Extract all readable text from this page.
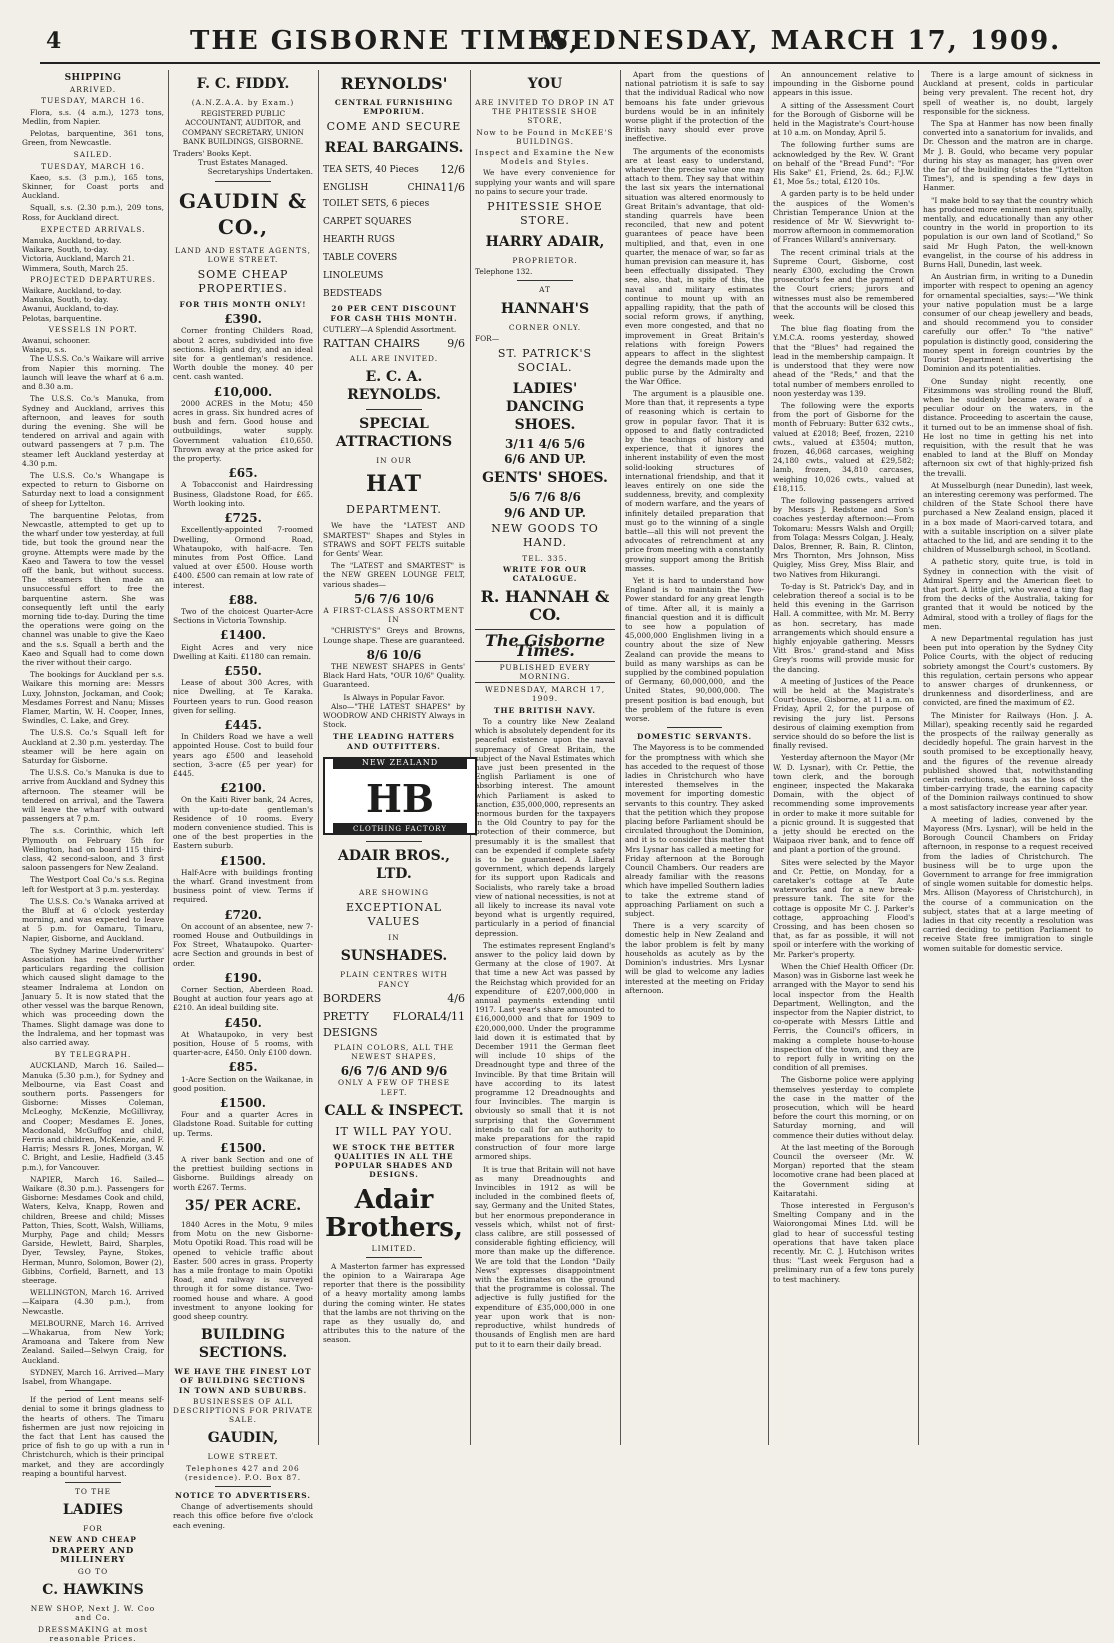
4	THE GISBORNE TIMES,
WEDNESDAY, MARCH 17, 1909.
SHIPPING
ARRIVED.
TUESDAY, MARCH 16.

Flora, s.s. (4 a.m.), 1273 tons, Medlin, from Napier.

Pelotas, barquentine, 361 tons, Green, from Newcastle.

SAILED.
TUESDAY, MARCH 16.

Kaeo, s.s. (3 p.m.), 165 tons, Skinner, for Coast ports and Auckland.

Squall, s.s. (2.30 p.m.), 209 tons, Ross, for Auckland direct.

EXPECTED ARRIVALS.

Manuka, Auckland, to-day.

Waikare, South, to-day.

Victoria, Auckland, March 21.

Wimmera, South, March 25.

PROJECTED DEPARTURES.

Waikare, Auckland, to-day.

Manuka, South, to-day.

Awanui, Auckland, to-day.

Pelotas, barquentine.

VESSELS IN PORT.

Awanui, schooner.

Waiapu, s.s.

The U.S.S. Co.'s Waikare will arrive from Napier this morning. The launch will leave the wharf at 6 a.m. and 8.30 a.m.

The U.S.S. Co.'s Manuka, from Sydney and Auckland, arrives this afternoon, and leaves for south during the evening. She will be tendered on arrival and again with outward passengers at 7 p.m. The steamer left Auckland yesterday at 4.30 p.m.

The U.S.S. Co.'s Whangape is expected to return to Gisborne on Saturday next to load a consignment of sheep for Lyttelton.

The barquentine Pelotas, from Newcastle, attempted to get up to the wharf under tow yesterday, at full tide, but took the ground near the groyne. Attempts were made by the Kaeo and Tawera to tow the vessel off the bank, but without success. The steamers then made an unsuccessful effort to free the barquentine astern. She was consequently left until the early morning tide to-day. During the time the operations were going on the channel was unable to give the Kaeo and the s.s. Squall a berth and the Kaeo and Squall had to come down the river without their cargo.

The bookings for Auckland per s.s. Waikare this morning are: Messrs Luxy, Johnston, Jockaman, and Cook; Mesdames Forrest and Nanu; Misses Flamer, Martin, W. H. Cooper, Innes, Swindles, C. Lake, and Grey.

The U.S.S. Co.'s Squall left for Auckland at 2.30 p.m. yesterday. The steamer will be here again on Saturday for Gisborne.

The U.S.S. Co.'s Manuka is due to arrive from Auckland and Sydney this afternoon. The steamer will be tendered on arrival, and the Tawera will leave the wharf with outward passengers at 7 p.m.

The s.s. Corinthic, which left Plymouth on February 5th for Wellington, had on board 115 third-class, 42 second-saloon, and 3 first saloon passengers for New Zealand.

The Westport Coal Co.'s s.s. Regina left for Westport at 3 p.m. yesterday.

The U.S.S. Co.'s Wanaka arrived at the Bluff at 6 o'clock yesterday morning, and was expected to leave at 5 p.m. for Oamaru, Timaru, Napier, Gisborne, and Auckland.

The Sydney Marine Underwriters' Association has received further particulars regarding the collision which caused slight damage to the steamer Indralema at London on January 5. It is now stated that the other vessel was the barque Renown, which was proceeding down the Thames. Slight damage was done to the Indralema, and her topmast was also carried away.

BY TELEGRAPH.

AUCKLAND, March 16. Sailed—Manuka (5.30 p.m.), for Sydney and Melbourne, via East Coast and southern ports. Passengers for Gisborne: Misses Coleman, McLeoghy, McKenzie, McGillivray, and Cooper; Mesdames E. Jones, Macdonald, McGuffog and child, Ferris and children, McKenzie, and F. Harris; Messrs R. Jones, Morgan, W. C. Bright, and Leslie, Hadfield (3.45 p.m.), for Vancouver.

NAPIER, March 16. Sailed—Waikare (8.30 p.m.). Passengers for Gisborne: Mesdames Cook and child, Waters, Kelva, Knapp, Rowen and children, Breese and child; Misses Patton, Thies, Scott, Walsh, Williams, Murphy, Page and child; Messrs Garside, Hewlett, Baird, Sharples, Dyer, Tewsley, Payne, Stokes, Herman, Munro, Solomon, Bower (2), Gibbins, Corfield, Barnett, and 13 steerage.

WELLINGTON, March 16. Arrived—Kaipara (4.30 p.m.), from Newcastle.

MELBOURNE, March 16. Arrived—Whakarua, from New York; Aramoana and Takere from New Zealand. Sailed—Selwyn Craig, for Auckland.

SYDNEY, March 16. Arrived—Mary Isabel, from Whangape.

If the period of Lent means self-denial to some it brings gladness to the hearts of others. The Timaru fishermen are just now rejoicing in the fact that Lent has caused the price of fish to go up with a run in Christchurch, which is their principal market, and they are accordingly reaping a bountiful harvest.

TO THE
LADIES
FOR
NEW AND CHEAP
DRAPERY AND MILLINERY
GO TO
C. HAWKINS
NEW SHOP, Next J. W. Coo and Co.
DRESSMAKING at most reasonable Prices.
F. C. FIDDY.
(A.N.Z.A.A. by Exam.)

REGISTERED PUBLIC ACCOUNTANT, AUDITOR, and COMPANY SECRETARY, UNION BANK BUILDINGS, GISBORNE.

Traders' Books Kept.

Trust Estates Managed.

Secretaryships Undertaken.

GAUDIN & CO.,
LAND AND ESTATE AGENTS, LOWE STREET.
SOME CHEAP PROPERTIES.
FOR THIS MONTH ONLY!
£390.

Corner fronting Childers Road, about 2 acres, subdivided into five sections. High and dry, and an ideal site for a gentleman's residence. Worth double the money. 40 per cent. cash wanted.

£10,000.

2000 ACRES in the Motu; 450 acres in grass. Six hundred acres of bush and fern. Good house and outbuildings, water supply. Government valuation £10,650. Thrown away at the price asked for the property.

£65.

A Tobacconist and Hairdressing Business, Gladstone Road, for £65. Worth looking into.

£725.

Excellently-appointed 7-roomed Dwelling, Ormond Road, Whataupoko, with half-acre. Ten minutes from Post Office. Land valued at over £500. House worth £400. £500 can remain at low rate of interest.

£88.

Two of the choicest Quarter-Acre Sections in Victoria Township.

£1400.

Eight Acres and very nice Dwelling at Kaiti. £1180 can remain.

£550.

Lease of about 300 Acres, with nice Dwelling, at Te Karaka. Fourteen years to run. Good reason given for selling.

£445.

In Childers Road we have a well appointed House. Cost to build four years ago £500 and leasehold section, 3-acre (£5 per year) for £445.

£2100.

On the Kaiti River bank, 24 Acres, with up-to-date gentleman's Residence of 10 rooms. Every modern convenience studied. This is one of the best properties in the Eastern suburb.

£1500.

Half-Acre with buildings fronting the wharf. Grand investment from business point of view. Terms if required.

£720.

On account of an absentee, new 7-roomed House and Outbuildings in Fox Street, Whataupoko. Quarter-acre Section and grounds in best of order.

£190.

Corner Section, Aberdeen Road. Bought at auction four years ago at £210. An ideal building site.

£450.

At Whataupoko, in very best position, House of 5 rooms, with quarter-acre, £450. Only £100 down.

£85.

1-Acre Section on the Waikanae, in good position.

£1500.

Four and a quarter Acres in Gladstone Road. Suitable for cutting up. Terms.

£1500.

A river bank Section and one of the prettiest building sections in Gisborne. Buildings already on worth £267. Terms.

35/ PER ACRE.

1840 Acres in the Motu, 9 miles from Motu on the new Gisborne-Motu Opotiki Road. This road will be opened to vehicle traffic about Easter. 500 acres in grass. Property has a mile frontage to main Opotiki Road, and railway is surveyed through it for some distance. Two-roomed house and whare. A good investment to anyone looking for good sheep country.

BUILDING SECTIONS.
WE HAVE THE FINEST LOT OF BUILDING SECTIONS IN TOWN AND SUBURBS.
BUSINESSES OF ALL DESCRIPTIONS FOR PRIVATE SALE.
GAUDIN,
LOWE STREET.
Telephones 427 and 206 (residence). P.O. Box 87.
NOTICE TO ADVERTISERS.

Change of advertisements should reach this office before five o'clock each evening.

REYNOLDS'
CENTRAL FURNISHING EMPORIUM.
COME AND SECURE
REAL BARGAINS.
TEA SETS, 40 Pieces 12/6
ENGLISH CHINA TOILET SETS, 6 pieces
11/6
CARPET SQUARES
HEARTH RUGS
TABLE COVERS
LINOLEUMS
BEDSTEADS
20 PER CENT DISCOUNT FOR CASH THIS MONTH.

CUTLERY—A Splendid Assortment.

RATTAN CHAIRS 9/6
ALL ARE INVITED.
E. C. A. REYNOLDS.
SPECIAL ATTRACTIONS
IN OUR
HAT
DEPARTMENT.

We have the "LATEST AND SMARTEST" Shapes and Styles in STRAWS and SOFT FELTS suitable for Gents' Wear.

The "LATEST and SMARTEST" is the NEW GREEN LOUNGE FELT, various shades—

5/6 7/6 10/6
A FIRST-CLASS ASSORTMENT IN

"CHRISTY'S" Greys and Browns, Lounge shape. These are guaranteed.

8/6 10/6

THE NEWEST SHAPES in Gents' Black Hard Hats, "OUR 10/6" Quality. Guaranteed.

Is Always in Popular Favor.

Also—"THE LATEST SHAPES" by WOODROW AND CHRISTY Always in Stock.

THE LEADING HATTERS AND OUTFITTERS.
NEW ZEALAND
HB
CLOTHING FACTORY
ADAIR BROS., LTD.
ARE SHOWING
EXCEPTIONAL VALUES
IN
SUNSHADES.
PLAIN CENTRES WITH FANCY
BORDERS	4/6
PRETTY FLORAL DESIGNS
4/11
PLAIN COLORS, ALL THE NEWEST SHAPES,
6/6 7/6 AND 9/6
ONLY A FEW OF THESE LEFT.
CALL & INSPECT.
IT WILL PAY YOU.
WE STOCK THE BETTER QUALITIES IN ALL THE POPULAR SHADES AND DESIGNS.
Adair Brothers,
LIMITED.

A Masterton farmer has expressed the opinion to a Wairarapa Age reporter that there is the possibility of a heavy mortality among lambs during the coming winter. He states that the lambs are not thriving on the rape as they usually do, and attributes this to the nature of the season.

YOU
ARE INVITED TO DROP IN AT THE PHITESSIE SHOE STORE,
Now to be Found in McKEE'S BUILDINGS.
Inspect and Examine the New Models and Styles.

We have every convenience for supplying your wants and will spare no pains to secure your trade.

PHITESSIE SHOE STORE.
HARRY ADAIR,
PROPRIETOR.

Telephone 132.

AT
HANNAH'S
CORNER ONLY.

FOR—

ST. PATRICK'S SOCIAL.
LADIES' DANCING SHOES.
3/11 4/6 5/6
6/6 AND UP.
GENTS' SHOES.
5/6 7/6 8/6
9/6 AND UP.
NEW GOODS TO HAND.
TEL. 335.
WRITE FOR OUR CATALOGUE.
R. HANNAH & CO.
The Gisborne Times.
PUBLISHED EVERY MORNING.
WEDNESDAY, MARCH 17, 1909.
THE BRITISH NAVY.

To a country like New Zealand which is absolutely dependent for its peaceful existence upon the naval supremacy of Great Britain, the subject of the Naval Estimates which have just been presented in the English Parliament is one of absorbing interest. The amount which Parliament is asked to sanction, £35,000,000, represents an enormous burden for the taxpayers in the Old Country to pay for the protection of their commerce, but presumably it is the smallest that can be expended if complete safety is to be guaranteed. A Liberal government, which depends largely for its support upon Radicals and Socialists, who rarely take a broad view of national necessities, is not at all likely to increase its naval vote beyond what is urgently required, particularly in a period of financial depression.

The estimates represent England's answer to the policy laid down by Germany at the close of 1907. At that time a new Act was passed by the Reichstag which provided for an expenditure of £207,000,000 in annual payments extending until 1917. Last year's share amounted to £16,000,000 and that for 1909 to £20,000,000. Under the programme laid down it is estimated that by December 1911 the German fleet will include 10 ships of the Dreadnought type and three of the Invincible. By that time Britain will have according to its latest programme 12 Dreadnoughts and four Invincibles. The margin is obviously so small that it is not surprising that the Government intends to call for an authority to make preparations for the rapid construction of four more large armored ships.

It is true that Britain will not have as many Dreadnoughts and Invincibles in 1912 as will be included in the combined fleets of, say, Germany and the United States, but her enormous preponderance in vessels which, whilst not of first-class calibre, are still possessed of considerable fighting efficiency, will more than make up the difference. We are told that the London "Daily News" expresses disappointment with the Estimates on the ground that the programme is colossal. The adjective is fully justified for the expenditure of £35,000,000 in one year upon work that is non-reproductive, whilst hundreds of thousands of English men are hard put to it to earn their daily bread.

Apart from the questions of national patriotism it is safe to say that the individual Radical who now bemoans his fate under grievous burdens would be in an infinitely worse plight if the protection of the British navy should ever prove ineffective.

The arguments of the economists are at least easy to understand, whatever the precise value one may attach to them. They say that within the last six years the international situation was altered enormously to Great Britain's advantage, that old-standing quarrels have been reconciled, that new and potent guarantees of peace have been multiplied, and that, even in one quarter, the menace of war, so far as human prevision can measure it, has been effectually dissipated. They see, also, that, in spite of this, the naval and military estimates continue to mount up with an appalling rapidity, that the path of social reform grows, if anything, even more congested, and that no improvement in Great Britain's relations with foreign Powers appears to affect in the slightest degree the demands made upon the public purse by the Admiralty and the War Office.

The argument is a plausible one. More than that, it represents a type of reasoning which is certain to grow in popular favor. That it is opposed to and flatly contradicted by the teachings of history and experience, that it ignores the inherent instability of even the most solid-looking structures of international friendship, and that it leaves entirely on one side the suddenness, brevity, and complexity of modern warfare, and the years of infinitely detailed preparation that must go to the winning of a single battle—all this will not prevent the advocates of retrenchment at any price from meeting with a constantly growing support among the British masses.

Yet it is hard to understand how England is to maintain the Two-Power standard for any great length of time. After all, it is mainly a financial question and it is difficult to see how a population of 45,000,000 Englishmen living in a country about the size of New Zealand can provide the means to build as many warships as can be supplied by the combined population of Germany, 60,000,000, and the United States, 90,000,000. The present position is bad enough, but the problem of the future is even worse.

DOMESTIC SERVANTS.

The Mayoress is to be commended for the promptness with which she has acceded to the request of those ladies in Christchurch who have interested themselves in the movement for importing domestic servants to this country. They asked that the petition which they propose placing before Parliament should be circulated throughout the Dominion, and it is to consider this matter that Mrs Lysnar has called a meeting for Friday afternoon at the Borough Council Chambers. Our readers are already familiar with the reasons which have impelled Southern ladies to take the extreme stand of approaching Parliament on such a subject.

There is a very scarcity of domestic help in New Zealand and the labor problem is felt by many households as acutely as by the Dominion's industries. Mrs Lysnar will be glad to welcome any ladies interested at the meeting on Friday afternoon.

An announcement relative to impounding in the Gisborne pound appears in this issue.

A sitting of the Assessment Court for the Borough of Gisborne will be held in the Magistrate's Court-house at 10 a.m. on Monday, April 5.

The following further sums are acknowledged by the Rev. W. Grant on behalf of the "Bread Fund": "For His Sake" £1, Friend, 2s. 6d.; F.J.W. £1, Moe 5s.; total, £120 10s.

A garden party is to be held under the auspices of the Women's Christian Temperance Union at the residence of Mr W. Sievwright to-morrow afternoon in commemoration of Frances Willard's anniversary.

The recent criminal trials at the Supreme Court, Gisborne, cost nearly £300, excluding the Crown prosecutor's fee and the payment of the Court criers; jurors and witnesses must also be remembered that the accounts will be closed this week.

The blue flag floating from the Y.M.C.A. rooms yesterday, showed that the "Blues" had regained the lead in the membership campaign. It is understood that they were now ahead of the "Reds," and that the total number of members enrolled to noon yesterday was 139.

The following were the exports from the port of Gisborne for the month of February: Butter 632 cwts., valued at £2018; Beef, frozen, 2210 cwts., valued at £3504; mutton, frozen, 46,068 carcases, weighing 24,180 cwts., valued at £29,582; lamb, frozen, 34,810 carcases, weighing 10,026 cwts., valued at £18,115.

The following passengers arrived by Messrs J. Redstone and Son's coaches yesterday afternoon:—From Tokomaru: Messrs Walsh and Orgill; from Tolaga: Messrs Colgan, J. Healy, Dalos, Brenner, R. Bain, R. Clinton, Mrs Thornton, Mrs Johnson, Miss Quigley, Miss Grey, Miss Blair, and two Natives from Hikurangi.

To-day is St. Patrick's Day, and in celebration thereof a social is to be held this evening in the Garrison Hall. A committee, with Mr. M. Berry as hon. secretary, has made arrangements which should ensure a highly enjoyable gathering. Messrs Vitt Bros.' grand-stand and Miss Grey's rooms will provide music for the dancing.

A meeting of Justices of the Peace will be held at the Magistrate's Court-house, Gisborne, at 11 a.m. on Friday, April 2, for the purpose of revising the jury list. Persons desirous of claiming exemption from service should do so before the list is finally revised.

Yesterday afternoon the Mayor (Mr W. D. Lysnar), with Cr. Pettie, the town clerk, and the borough engineer, inspected the Makaraka Domain, with the object of recommending some improvements in order to make it more suitable for a picnic ground. It is suggested that a jetty should be erected on the Waipaoa river bank, and to fence off and plant a portion of the ground.

Sites were selected by the Mayor and Cr. Pettie, on Monday, for a caretaker's cottage at Te Aute waterworks and for a new break-pressure tank. The site for the cottage is opposite Mr C. J. Parker's cottage, approaching Flood's Crossing, and has been chosen so that, as far as possible, it will not spoil or interfere with the working of Mr. Parker's property.

When the Chief Health Officer (Dr. Mason) was in Gisborne last week he arranged with the Mayor to send his local inspector from the Health Department, Wellington, and the inspector from the Napier district, to co-operate with Messrs Little and Ferris, the Council's officers, in making a complete house-to-house inspection of the town, and they are to report fully in writing on the condition of all premises.

The Gisborne police were applying themselves yesterday to complete the case in the matter of the prosecution, which will be heard before the court this morning, or on Saturday morning, and will commence their duties without delay.

At the last meeting of the Borough Council the overseer (Mr. W. Morgan) reported that the steam locomotive crane had been placed at the Government siding at Kaitaratahi.

Those interested in Ferguson's Smelting Company and in the Waiorongomai Mines Ltd. will be glad to hear of successful testing operations that have taken place recently. Mr. C. J. Hutchison writes thus: "Last week Ferguson had a preliminary run of a few tons purely to test machinery.

There is a large amount of sickness in Auckland at present, colds in particular being very prevalent. The recent hot, dry spell of weather is, no doubt, largely responsible for the sickness.

The Spa at Hanmer has now been finally converted into a sanatorium for invalids, and Dr. Chesson and the matron are in charge. Mr J. B. Gould, who became very popular during his stay as manager, has given over the far of the building (states the "Lyttelton Times"), and is spending a few days in Hanmer.

"I make bold to say that the country which has produced more eminent men spiritually, mentally, and educationally than any other country in the world in proportion to its population is our own land of Scotland," So said Mr Hugh Paton, the well-known evangelist, in the course of his address in Burns Hall, Dunedin, last week.

An Austrian firm, in writing to a Dunedin importer with respect to opening an agency for ornamental specialties, says:—"We think your native population must be a large consumer of our cheap jewellery and beads, and should recommend you to consider carefully our offer." To "the native" population is distinctly good, considering the money spent in foreign countries by the Tourist Department in advertising the Dominion and its potentialities.

One Sunday night recently, one Fitzsimmons was strolling round the Bluff, when he suddenly became aware of a peculiar odour on the waters, in the distance. Proceeding to ascertain the cause, it turned out to be an immense shoal of fish. He lost no time in getting his net into requisition, with the result that he was enabled to land at the Bluff on Monday afternoon six cwt of that highly-prized fish the trevalli.

At Musselburgh (near Dunedin), last week, an interesting ceremony was performed. The children of the State School there have purchased a New Zealand ensign, placed it in a box made of Maori-carved totara, and with a suitable inscription on a silver plate attached to the lid, and are sending it to the children of Musselburgh school, in Scotland.

A pathetic story, quite true, is told in Sydney in connection with the visit of Admiral Sperry and the American fleet to that port. A little girl, who waved a tiny flag from the decks of the Australia, taking for granted that it would be noticed by the Admiral, stood with a trolley of flags for the men.

A new Departmental regulation has just been put into operation by the Sydney City Police Courts, with the object of reducing sobriety amongst the Court's customers. By this regulation, certain persons who appear to answer charges of drunkenness, or drunkenness and disorderliness, and are convicted, are fined the maximum of £2.

The Minister for Railways (Hon. J. A. Millar), speaking recently said he regarded the prospects of the railway generally as decidedly hopeful. The grain harvest in the south promised to be exceptionally heavy, and the figures of the revenue already published showed that, notwithstanding certain reductions, such as the loss of the timber-carrying trade, the earning capacity of the Dominion railways continued to show a most satisfactory increase year after year.

A meeting of ladies, convened by the Mayoress (Mrs. Lysnar), will be held in the Borough Council Chambers on Friday afternoon, in response to a request received from the ladies of Christchurch. The business will be to urge upon the Government to arrange for free immigration of single women suitable for domestic helps. Mrs. Allison (Mayoress of Christchurch), in the course of a communication on the subject, states that at a large meeting of ladies in that city recently a resolution was carried deciding to petition Parliament to receive State free immigration to single women suitable for domestic service.
